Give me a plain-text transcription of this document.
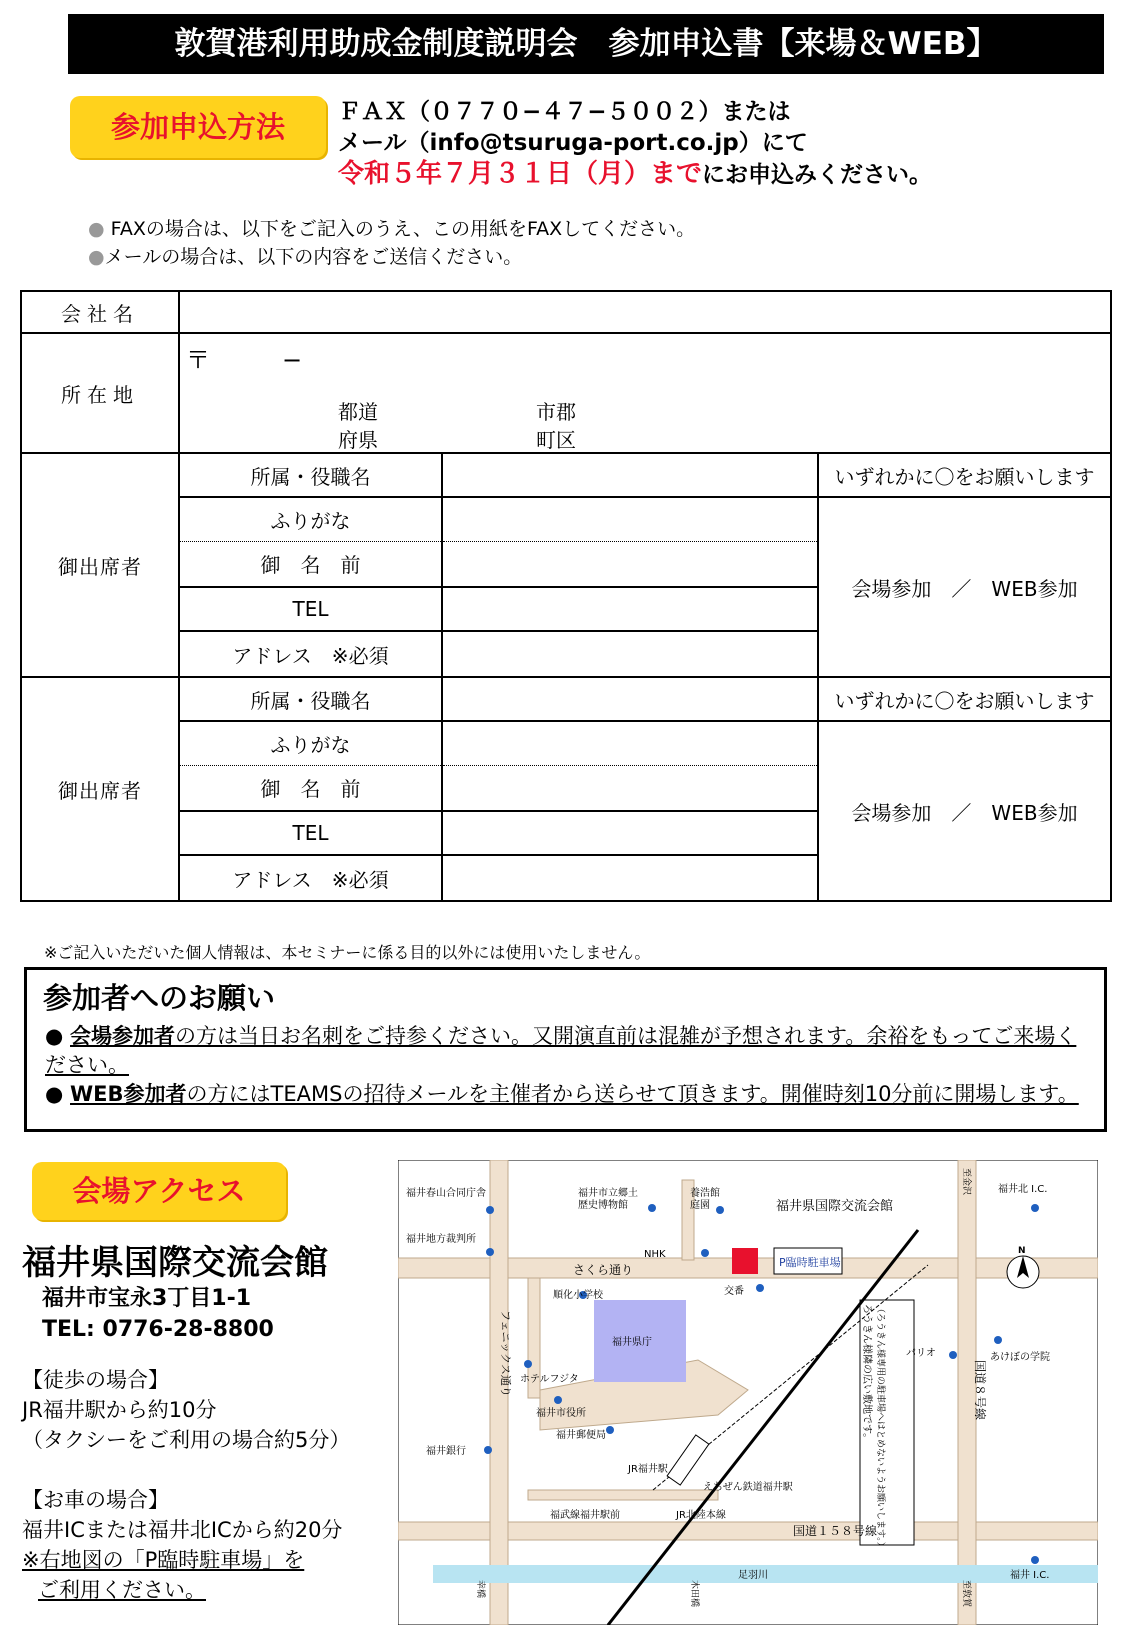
敦賀港利用助成金制度説明会　参加申込書【来場＆WEB】
参加申込方法	ＦＡＸ（０７７０−４７−５００２）または
メール（info@tsuruga-port.co.jp）にて
令和５年７月３１日（月）までにお申込みください。
● FAXの場合は、以下をご記入のうえ、この用紙をFAXしてください。
●メールの場合は、以下の内容をご送信ください。
会社名			
所在地	〒　　　−
都道
府県
市郡
町区		

御出席者	所属・役職名		いずれかに〇をお願いします
	ふりがな		会場参加　／　WEB参加
	御　名　前		
	TEL		
	アドレス　※必須		
御出席者	所属・役職名		いずれかに〇をお願いします
	ふりがな		会場参加　／　WEB参加
	御　名　前		
	TEL		
	アドレス　※必須		
※ご記入いただいた個人情報は、本セミナーに係る目的以外には使用いたしません。
参加者へのお願い
● 会場参加者の方は当日お名刺をご持参ください。又開演直前は混雑が予想されます。余裕をもってご来場ください。
● WEB参加者の方にはTEAMSの招待メールを主催者から送らせて頂きます。開催時刻10分前に開場します。
会場アクセス
福井県国際交流会館
福井市宝永3丁目1-1
TEL: 0776-28-8800
【徒歩の場合】
JR福井駅から約10分
（タクシーをご利用の場合約5分）
【お車の場合】
福井ICまたは福井北ICから約20分
※右地図の「P臨時駐車場」を
ご利用ください。
福井春山合同庁舎
福井地方裁判所
福井市立郷土
歴史博物館
養浩館
庭園	福井県国際交流会館
P臨時駐車場
NHK
さくら通り
交番
順化小学校
福井県庁
ホテルフジタ
福井市役所
福井郵便局
福井銀行
JR福井駅
えちぜん鉄道福井駅
福武線福井駅前	JR北陸本線
国道１５８号線
パリオ	あけぼの学院
福井北 I.C.
福井 I.C.
足羽川
N
フェニックス通り	国道８号線
ろうきん様隣の広い敷地です。 （ろうきん様専用の駐車場へはとめないようお願いします。）
至金沢
至敦賀
幸橋	木田橋
